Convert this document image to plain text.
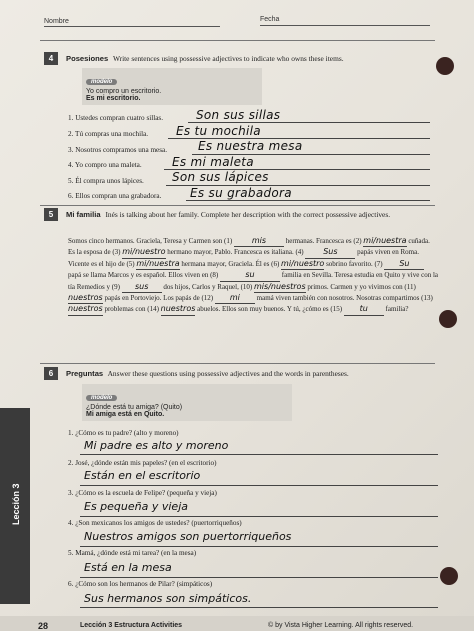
Nombre	Fecha
4	Posesiones Write sentences using possessive adjectives to indicate who owns these items.
modelo
Yo compro un escritorio.
Es mi escritorio.
1. Ustedes compran cuatro sillas.	Son sus sillas
2. Tú compras una mochila. Es tu mochila
3. Nosotros compramos una mesa.	Es nuestra mesa
4. Yo compro una maleta.	Es mi maleta
5. Él compra unos lápices. Son sus lápices
6. Ellos compran una grabadora. Es su grabadora
5	Mi familia Inés is talking about her family. Complete her description with the correct possessive adjectives.
Somos cinco hermanos. Graciela, Teresa y Carmen son (1) mis	hermanas. Francesca es (2) mi/nuestra cuñada. Es la esposa de (3) mi/nuestro hermano mayor, Pablo. Francesca es italiana. (4) Sus	papás viven en Roma. Vicente es el hijo de (5) mi/nuestra hermana mayor, Graciela. Él es (6) mi/nuestro sobrino favorito. (7) Su papá se llama Marcos y es español. Ellos viven en (8)	su	familia en Sevilla. Teresa estudia en Quito y vive con la tía Remedios y (9) sus dos hijos, Carlos y Raquel, (10) mis/nuestros primos. Carmen y yo vivimos con (11) nuestros papás en Portoviejo. Los papás de (12) mi mamá viven también con nosotros. Nosotras compartimos (13) nuestros problemas con (14) nuestros abuelos. Ellos son muy buenos. Y tú, ¿cómo es (15) tu	familia?
6	Preguntas Answer these questions using possessive adjectives and the words in parentheses.
modelo
¿Dónde está tu amiga? (Quito)
Mi amiga está en Quito.
1. ¿Cómo es tu padre? (alto y moreno)
Mi padre es alto y moreno
2. José, ¿dónde están mis papeles? (en el escritorio)
Están en el escritorio
3. ¿Cómo es la escuela de Felipe? (pequeña y vieja)
Es pequeña y vieja
4. ¿Son mexicanos los amigos de ustedes? (puertorriqueños)
Nuestros amigos son puertorriqueños
5. Mamá, ¿dónde está mi tarea? (en la mesa)
Está en la mesa
6. ¿Cómo son los hermanos de Pilar? (simpáticos)
Sus hermanos son simpáticos.
Lección 3
28	Lección 3 Estructura Activities	© by Vista Higher Learning. All rights reserved.
